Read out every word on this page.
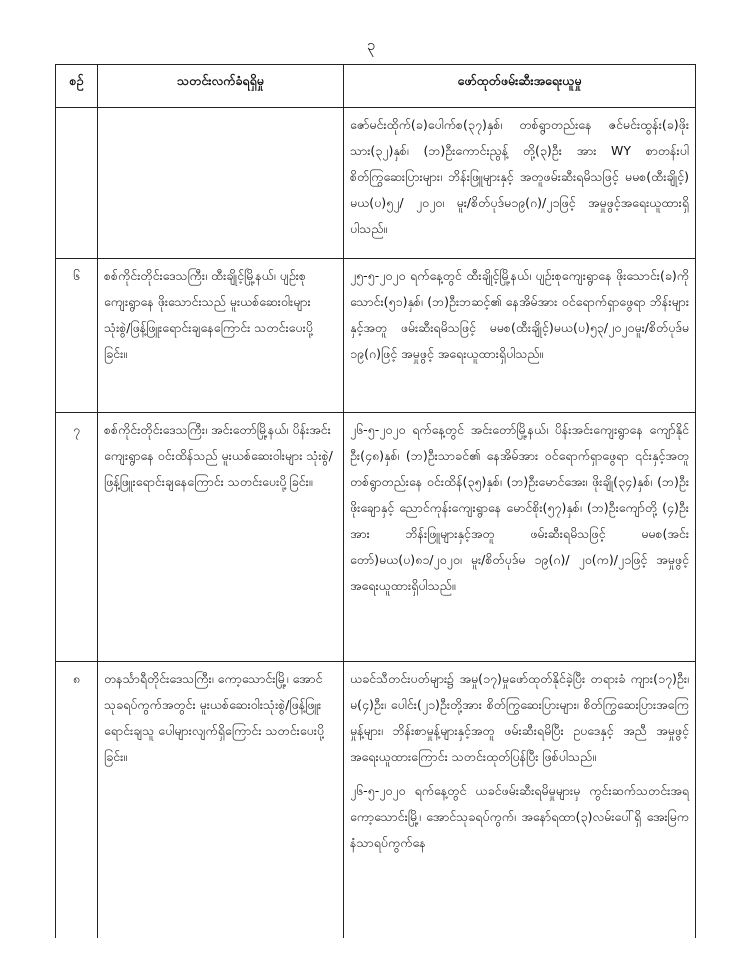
၃
စဉ်	သတင်းလက်ခံရရှိမှု	ဖော်ထုတ်ဖမ်းဆီးအရေးယူမှု

		ဇော်မင်းထိုက်(ခ)ပေါက်စ(၃၇)နှစ်၊ တစ်ရွာတည်းနေ ဇင်မင်းထွန်း(ခ)ဖိုးသား(၃၂)နှစ်၊ (ဘ)ဦးကောင်းညွန့် တို့(၃)ဦး အား WY စာတန်းပါစိတ်ကြွဆေးပြားများ၊ ဘိန်းဖြူများနှင့် အတူဖမ်းဆီးရမိသဖြင့် မမစ(ထီးချိုင့်) မယ(ပ)၅၂/ ၂၀၂၀၊ မူး/စိတ်ပုဒ်မ၁၉(ဂ)/၂၁ဖြင့် အမှုဖွင့်အရေးယူထားရှိ ပါသည်။

၆	စစ်ကိုင်းတိုင်းဒေသကြီး၊ ထီးချိုင့်မြို့နယ်၊ ပျဉ်းစုကျေးရွာနေ ဖိုးသောင်းသည် မူးယစ်ဆေးဝါးများ သုံးစွဲ/ဖြန့်ဖြူးရောင်းချနေကြောင်း သတင်းပေးပို့ခြင်း။	၂၅-၅-၂၀၂၀ ရက်နေ့တွင် ထီးချိုင့်မြို့နယ်၊ ပျဉ်းစုကျေးရွာနေ ဖိုးသောင်း(ခ)ကိုသောင်း(၅၁)နှစ်၊ (ဘ)ဦးဘဆင့်၏ နေအိမ်အား ဝင်ရောက်ရှာဖွေရာ ဘိန်းများနှင့်အတူ ဖမ်းဆီးရမိသဖြင့် မမစ(ထီးချိုင့်)မယ(ပ)၅၃/၂၀၂၀မူး/စိတ်ပုဒ်မ ၁၉(ဂ)ဖြင့် အမှုဖွင့် အရေးယူထားရှိပါသည်။

၇	စစ်ကိုင်းတိုင်းဒေသကြီး၊ အင်းတော်မြို့နယ်၊ ပိန်းအင်းကျေးရွာနေ ဝင်းထိန်သည် မူးယစ်ဆေးဝါးများ သုံးစွဲ/ဖြန့်ဖြူးရောင်းချနေကြောင်း သတင်းပေးပို့ခြင်း။	၂၆-၅-၂၀၂၀ ရက်နေ့တွင် အင်းတော်မြို့နယ်၊ ပိန်းအင်းကျေးရွာနေ ကျော်နိုင်ဦး(၄၈)နှစ်၊ (ဘ)ဦးသာခင်၏ နေအိမ်အား ဝင်ရောက်ရှာဖွေရာ ၎င်းနှင့်အတူ တစ်ရွာတည်းနေ ဝင်းထိန်(၃၅)နှစ်၊ (ဘ)ဦးမောင်အေး၊ ဖိုးချို(၃၄)နှစ်၊ (ဘ)ဦးဖိုးချောနှင့် ညောင်ကုန်းကျေးရွာနေ မောင်စိုး(၅၇)နှစ်၊ (ဘ)ဦးကျော်တို့ (၄)ဦးအား ဘိန်းဖြူများနှင့်အတူ ဖမ်းဆီးရမိသဖြင့် မမစ(အင်းတော်)မယ(ပ)၈၁/၂၀၂၀၊ မူး/စိတ်ပုဒ်မ ၁၉(ဂ)/ ၂၀(က)/၂၁ဖြင့် အမှုဖွင့် အရေးယူထားရှိပါသည်။

၈	တနင်္သာရီတိုင်းဒေသကြီး၊ ကော့သောင်းမြို့၊ အောင်သုခရပ်ကွက်အတွင်း မူးယစ်ဆေးဝါးသုံးစွဲ/ဖြန့်ဖြူးရောင်းချသူ ပေါများလျက်ရှိကြောင်း သတင်းပေးပို့ခြင်း။	ယခင်သီတင်းပတ်များ၌ အမှု(၁၇)မှုဖော်ထုတ်နိုင်ခဲ့ပြီး တရားခံ ကျား(၁၇)ဦး၊ မ(၄)ဦး၊ ပေါင်း(၂၁)ဦးတို့အား စိတ်ကြွဆေးပြားများ၊ စိတ်ကြွဆေးပြားအကြေမှုန့်များ၊ ဘိန်းစာမှုန့်များနှင့်အတူ ဖမ်းဆီးရမိပြီး ဥပဒေနှင့် အညီ အမှုဖွင့်အရေးယူထားကြောင်း သတင်းထုတ်ပြန်ပြီး ဖြစ်ပါသည်။

၂၆-၅-၂၀၂၀ ရက်နေ့တွင် ယခင်ဖမ်းဆီးရမိမှုများမှ ကွင်းဆက်သတင်းအရ ကော့သောင်းမြို့၊ အောင်သုခရပ်ကွက်၊ အနော်ရထာ(၃)လမ်းပေါ်ရှိ အေးမြကနံသာရပ်ကွက်နေ
